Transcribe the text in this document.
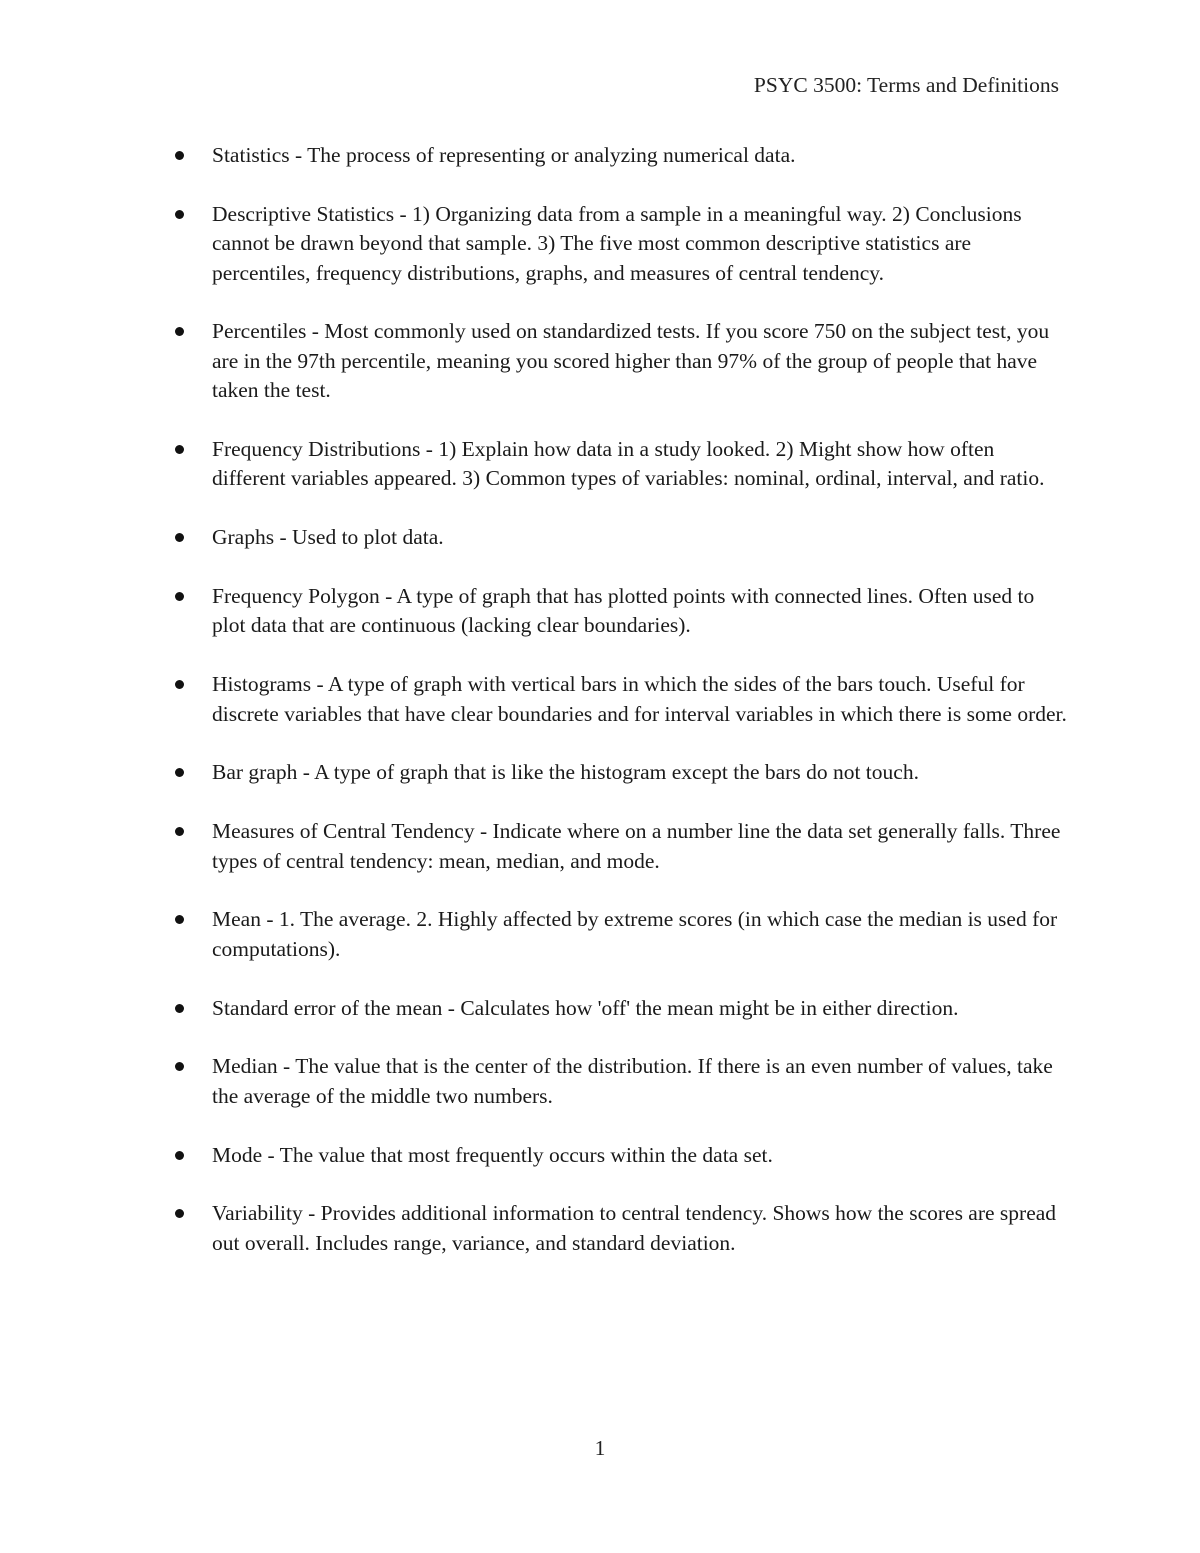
PSYC 3500: Terms and Definitions
Statistics - The process of representing or analyzing numerical data.
Descriptive Statistics - 1) Organizing data from a sample in a meaningful way. 2) Conclusions cannot be drawn beyond that sample. 3) The five most common descriptive statistics are percentiles, frequency distributions, graphs, and measures of central tendency.
Percentiles - Most commonly used on standardized tests. If you score 750 on the subject test, you are in the 97th percentile, meaning you scored higher than 97% of the group of people that have taken the test.
Frequency Distributions - 1) Explain how data in a study looked. 2) Might show how often different variables appeared. 3) Common types of variables: nominal, ordinal, interval, and ratio.
Graphs - Used to plot data.
Frequency Polygon - A type of graph that has plotted points with connected lines. Often used to plot data that are continuous (lacking clear boundaries).
Histograms - A type of graph with vertical bars in which the sides of the bars touch. Useful for discrete variables that have clear boundaries and for interval variables in which there is some order.
Bar graph - A type of graph that is like the histogram except the bars do not touch.
Measures of Central Tendency - Indicate where on a number line the data set generally falls. Three types of central tendency: mean, median, and mode.
Mean - 1. The average. 2. Highly affected by extreme scores (in which case the median is used for computations).
Standard error of the mean - Calculates how 'off' the mean might be in either direction.
Median - The value that is the center of the distribution. If there is an even number of values, take the average of the middle two numbers.
Mode - The value that most frequently occurs within the data set.
Variability - Provides additional information to central tendency. Shows how the scores are spread out overall. Includes range, variance, and standard deviation.
1
